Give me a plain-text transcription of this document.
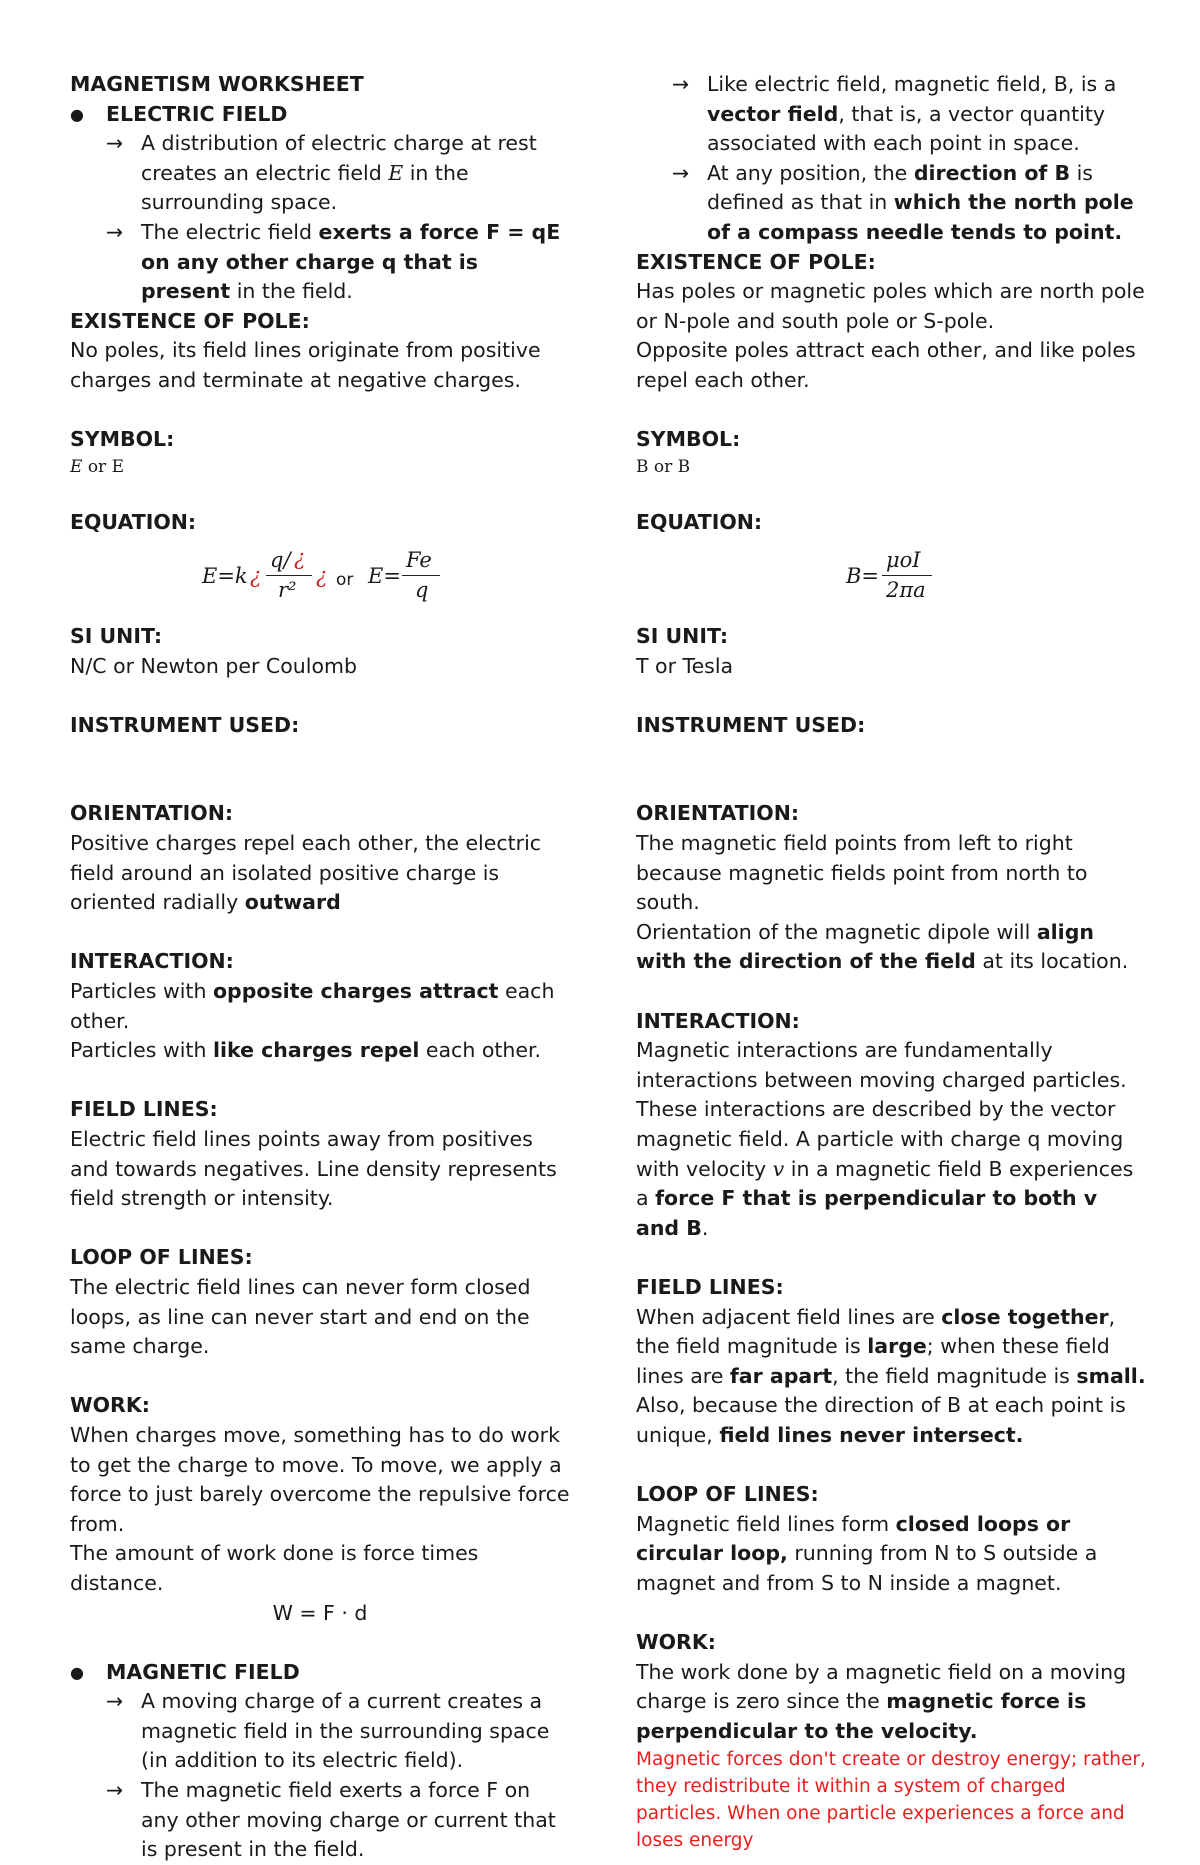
MAGNETISM WORKSHEET

●	ELECTRIC FIELD
→ A distribution of electric charge at rest creates an electric field E in the surrounding space.
→ The electric field exerts a force F = qE on any other charge q that is present in the field.

EXISTENCE OF POLE:

No poles, its field lines originate from positive charges and terminate at negative charges.

SYMBOL:

E or E

EQUATION:

E=k ¿
q/ ¿
r²
¿ or E=
Fe
q

SI UNIT:

N/C or Newton per Coulomb

INSTRUMENT USED:

ORIENTATION:

Positive charges repel each other, the electric field around an isolated positive charge is oriented radially outward

INTERACTION:

Particles with opposite charges attract each other.

Particles with like charges repel each other.

FIELD LINES:

Electric field lines points away from positives and towards negatives. Line density represents field strength or intensity.

LOOP OF LINES:

The electric field lines can never form closed loops, as line can never start and end on the same charge.

WORK:

When charges move, something has to do work to get the charge to move. To move, we apply a force to just barely overcome the repulsive force from.

The amount of work done is force times distance.

W = F · d

●	MAGNETIC FIELD
→ A moving charge of a current creates a magnetic field in the surrounding space (in addition to its electric field).
→ The magnetic field exerts a force F on any other moving charge or current that is present in the field.
→ Like electric field, magnetic field, B, is a vector field, that is, a vector quantity associated with each point in space.
→ At any position, the direction of B is defined as that in which the north pole of a compass needle tends to point.

EXISTENCE OF POLE:

Has poles or magnetic poles which are north pole or N-pole and south pole or S-pole.

Opposite poles attract each other, and like poles repel each other.

SYMBOL:

B or B

EQUATION:

B=
μoI
2πa

SI UNIT:

T or Tesla

INSTRUMENT USED:

ORIENTATION:

The magnetic field points from left to right because magnetic fields point from north to south.

Orientation of the magnetic dipole will align with the direction of the field at its location.

INTERACTION:

Magnetic interactions are fundamentally interactions between moving charged particles. These interactions are described by the vector magnetic field. A particle with charge q moving with velocity v in a magnetic field B experiences a force F that is perpendicular to both v and B.

FIELD LINES:

When adjacent field lines are close together, the field magnitude is large; when these field lines are far apart, the field magnitude is small.

Also, because the direction of B at each point is unique, field lines never intersect.

LOOP OF LINES:

Magnetic field lines form closed loops or circular loop, running from N to S outside a magnet and from S to N inside a magnet.

WORK:

The work done by a magnetic field on a moving charge is zero since the magnetic force is perpendicular to the velocity.

Magnetic forces don't create or destroy energy; rather, they redistribute it within a system of charged particles. When one particle experiences a force and loses energy
